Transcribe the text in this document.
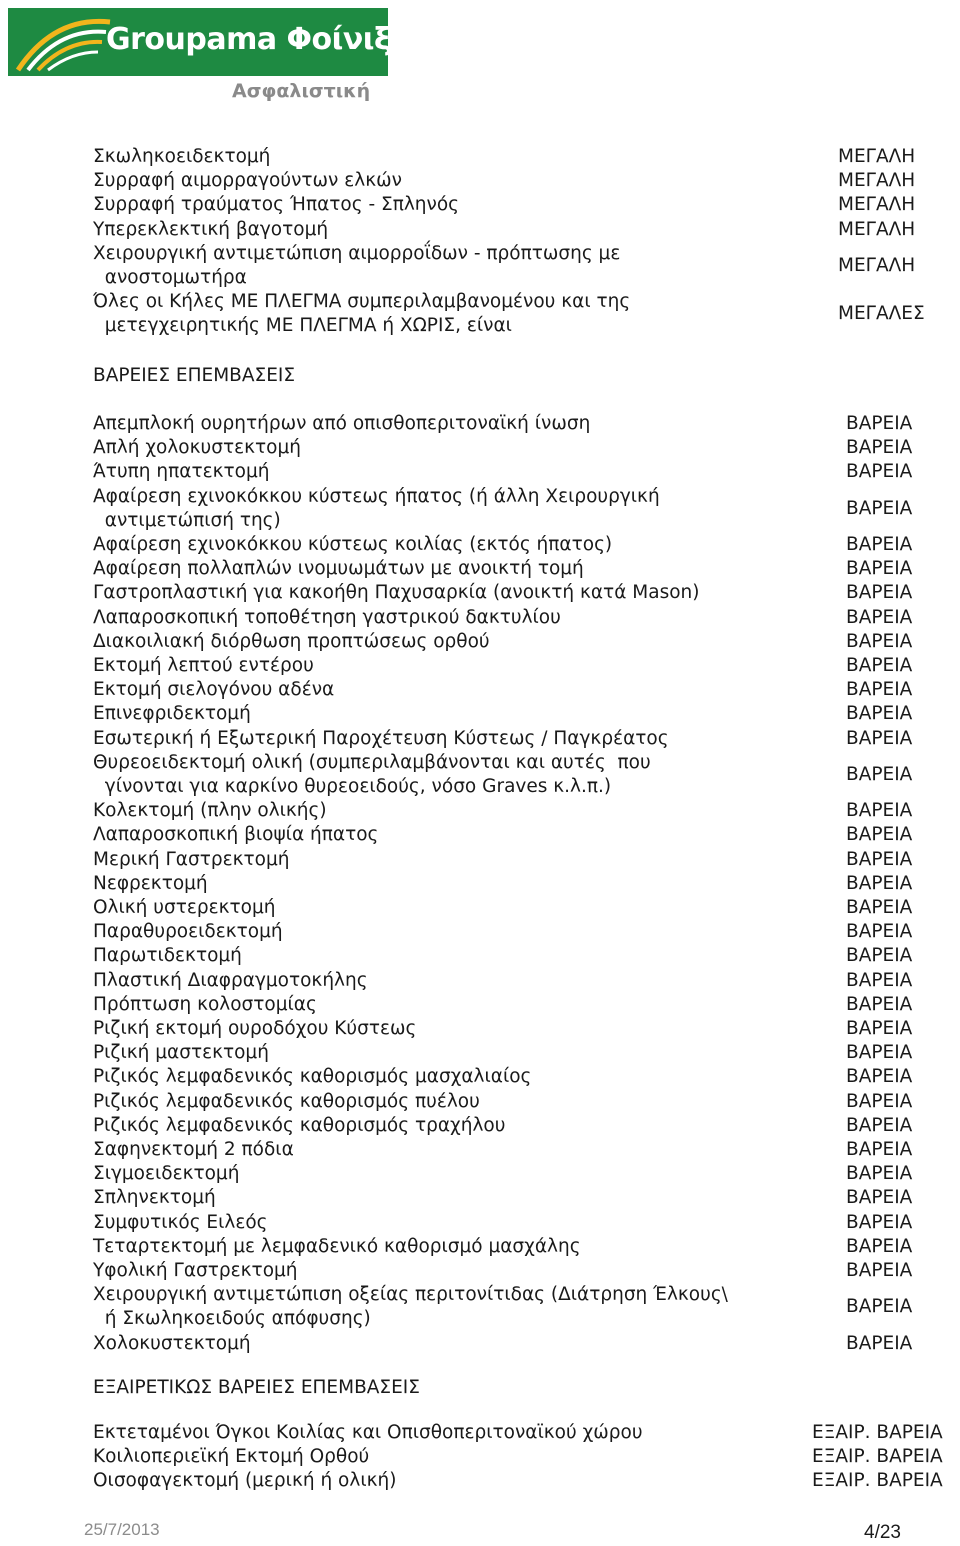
Groupama Φοίνιξ
Ασφαλιστική
ΒΑΡΕΙΕΣ ΕΠΕΜΒΑΣΕΙΣ
ΕΞΑΙΡΕΤΙΚΩΣ ΒΑΡΕΙΕΣ ΕΠΕΜΒΑΣΕΙΣ
Σκωληκοειδεκτομή	ΜΕΓΑΛΗ
Συρραφή αιμορραγούντων ελκών	ΜΕΓΑΛΗ
Συρραφή τραύματος Ήπατος - Σπληνός	ΜΕΓΑΛΗ
Υπερεκλεκτική βαγοτομή	ΜΕΓΑΛΗ
Χειρουργική αντιμετώπιση αιμορροΐδων - πρόπτωσης με
ανοστομωτήρα
ΜΕΓΑΛΗ
Όλες οι Κήλες ΜΕ ΠΛΕΓΜΑ συμπεριλαμβανομένου και της
μετεγχειρητικής ΜΕ ΠΛΕΓΜΑ ή ΧΩΡΙΣ, είναι
ΜΕΓΑΛΕΣ
Απεμπλοκή ουρητήρων από οπισθοπεριτοναϊκή ίνωση	ΒΑΡΕΙΑ
Απλή χολοκυστεκτομή	ΒΑΡΕΙΑ
Άτυπη ηπατεκτομή	ΒΑΡΕΙΑ
Αφαίρεση εχινοκόκκου κύστεως ήπατος (ή άλλη Χειρουργική
αντιμετώπισή της)
ΒΑΡΕΙΑ
Αφαίρεση εχινοκόκκου κύστεως κοιλίας (εκτός ήπατος)	ΒΑΡΕΙΑ
Αφαίρεση πολλαπλών ινομυωμάτων με ανοικτή τομή	ΒΑΡΕΙΑ
Γαστροπλαστική για κακοήθη Παχυσαρκία (ανοικτή κατά Mason)	ΒΑΡΕΙΑ
Λαπαροσκοπική τοποθέτηση γαστρικού δακτυλίου	ΒΑΡΕΙΑ
Διακοιλιακή διόρθωση προπτώσεως ορθού	ΒΑΡΕΙΑ
Εκτομή λεπτού εντέρου	ΒΑΡΕΙΑ
Εκτομή σιελογόνου αδένα	ΒΑΡΕΙΑ
Επινεφριδεκτομή	ΒΑΡΕΙΑ
Εσωτερική ή Εξωτερική Παροχέτευση Κύστεως / Παγκρέατος	ΒΑΡΕΙΑ
Θυρεοειδεκτομή ολική (συμπεριλαμβάνονται και αυτές  που
γίνονται για καρκίνο θυρεοειδούς, νόσο Graves κ.λ.π.)
ΒΑΡΕΙΑ
Κολεκτομή (πλην ολικής)	ΒΑΡΕΙΑ
Λαπαροσκοπική βιοψία ήπατος	ΒΑΡΕΙΑ
Μερική Γαστρεκτομή	ΒΑΡΕΙΑ
Νεφρεκτομή	ΒΑΡΕΙΑ
Ολική υστερεκτομή	ΒΑΡΕΙΑ
Παραθυροειδεκτομή	ΒΑΡΕΙΑ
Παρωτιδεκτομή	ΒΑΡΕΙΑ
Πλαστική Διαφραγμοτοκήλης	ΒΑΡΕΙΑ
Πρόπτωση κολοστομίας	ΒΑΡΕΙΑ
Ριζική εκτομή ουροδόχου Κύστεως	ΒΑΡΕΙΑ
Ριζική μαστεκτομή	ΒΑΡΕΙΑ
Ριζικός λεμφαδενικός καθορισμός μασχαλιαίος	ΒΑΡΕΙΑ
Ριζικός λεμφαδενικός καθορισμός πυέλου	ΒΑΡΕΙΑ
Ριζικός λεμφαδενικός καθορισμός τραχήλου	ΒΑΡΕΙΑ
Σαφηνεκτομή 2 πόδια	ΒΑΡΕΙΑ
Σιγμοειδεκτομή	ΒΑΡΕΙΑ
Σπληνεκτομή	ΒΑΡΕΙΑ
Συμφυτικός Ειλεός	ΒΑΡΕΙΑ
Τεταρτεκτομή με λεμφαδενικό καθορισμό μασχάλης	ΒΑΡΕΙΑ
Υφολική Γαστρεκτομή	ΒΑΡΕΙΑ
Χειρουργική αντιμετώπιση οξείας περιτονίτιδας (Διάτρηση Έλκους\
ή Σκωληκοειδούς απόφυσης)
ΒΑΡΕΙΑ
Χολοκυστεκτομή	ΒΑΡΕΙΑ
Εκτεταμένοι Όγκοι Κοιλίας και Οπισθοπεριτοναϊκού χώρου	ΕΞΑΙΡ. ΒΑΡΕΙΑ
Κοιλιοπεριεϊκή Εκτομή Ορθού	ΕΞΑΙΡ. ΒΑΡΕΙΑ
Οισοφαγεκτομή (μερική ή ολική)	ΕΞΑΙΡ. ΒΑΡΕΙΑ
25/7/2013	4/23
